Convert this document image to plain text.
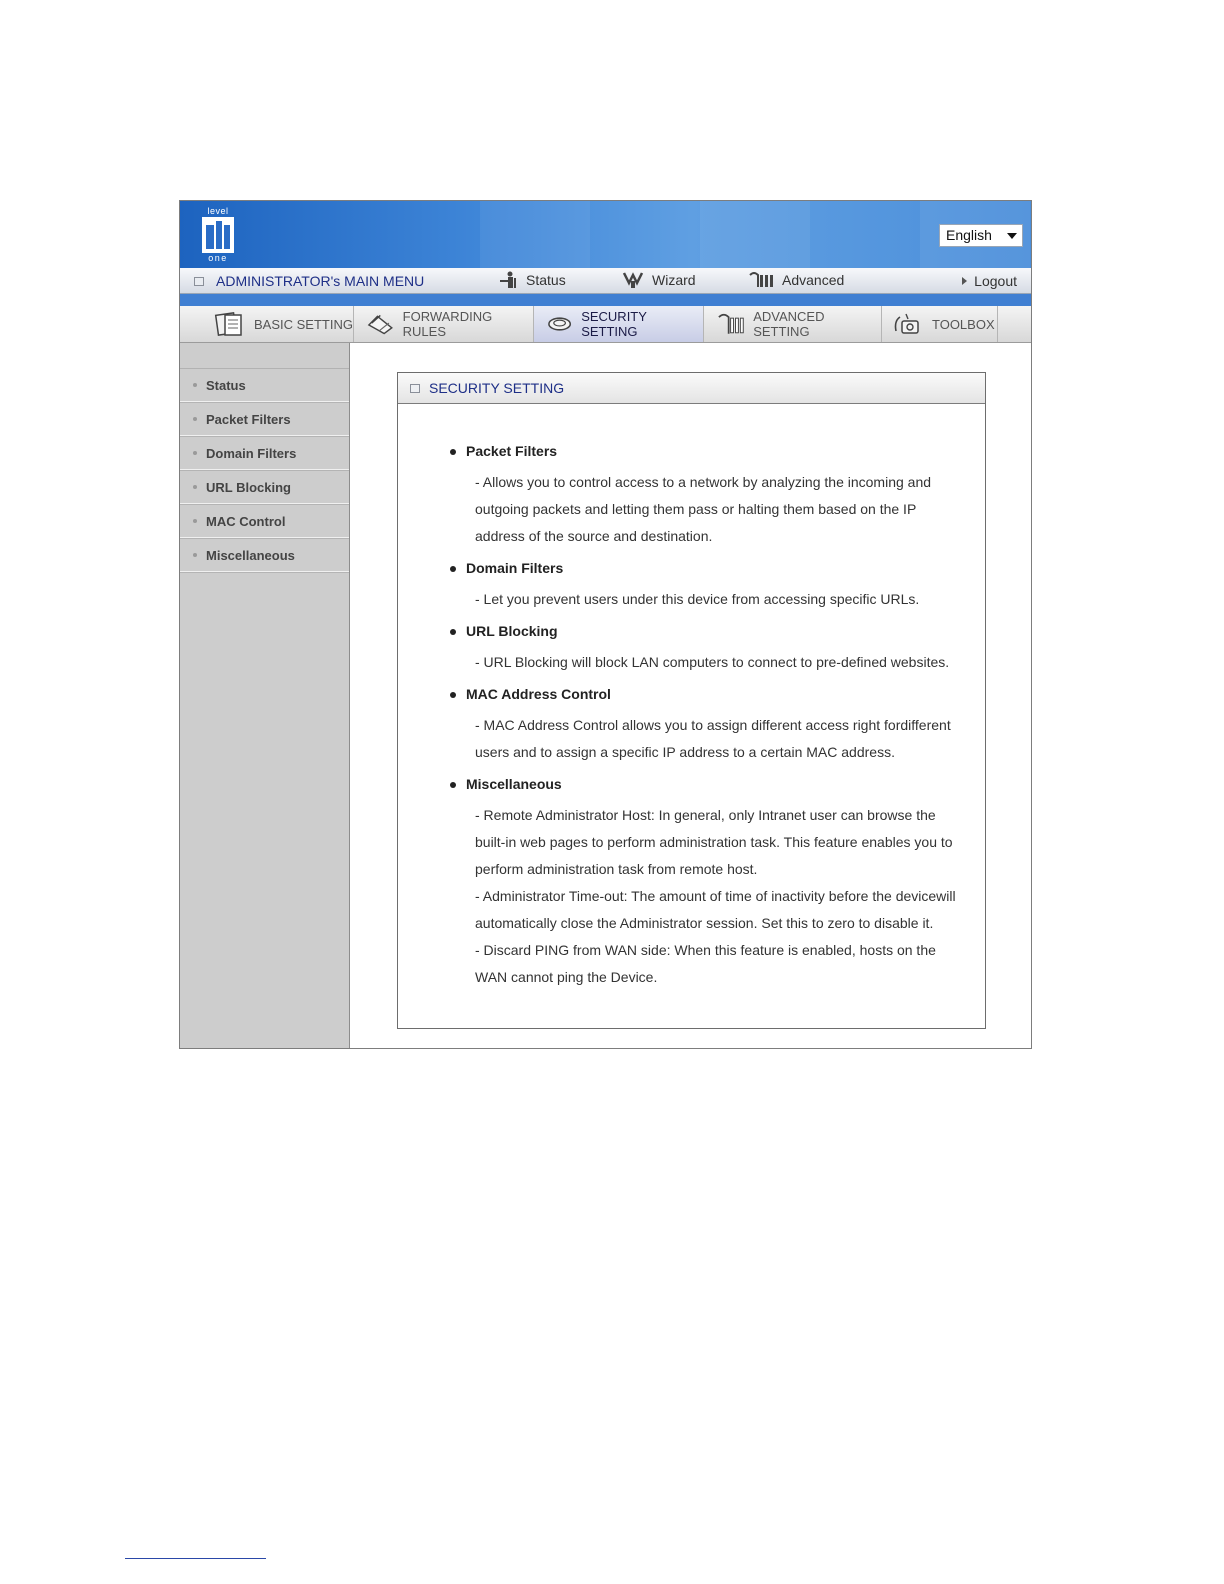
level
one
English
ADMINISTRATOR's MAIN MENU	Status	Wizard	Advanced	Logout
BASIC SETTING	FORWARDING RULES
SECURITY SETTING
ADVANCED SETTING	TOOLBOX
Status
Packet Filters
Domain Filters
URL Blocking
MAC Control
Miscellaneous
SECURITY SETTING
Packet Filters
- Allows you to control access to a network by analyzing the incoming and
outgoing packets and letting them pass or halting them based on the IP
address of the source and destination.
Domain Filters
- Let you prevent users under this device from accessing specific URLs.
URL Blocking
- URL Blocking will block LAN computers to connect to pre-defined websites.
MAC Address Control
- MAC Address Control allows you to assign different access right fordifferent
users and to assign a specific IP address to a certain MAC address.
Miscellaneous
- Remote Administrator Host: In general, only Intranet user can browse the
built-in web pages to perform administration task. This feature enables you to
perform administration task from remote host.
- Administrator Time-out: The amount of time of inactivity before the devicewill
automatically close the Administrator session. Set this to zero to disable it.
- Discard PING from WAN side: When this feature is enabled, hosts on the
WAN cannot ping the Device.
